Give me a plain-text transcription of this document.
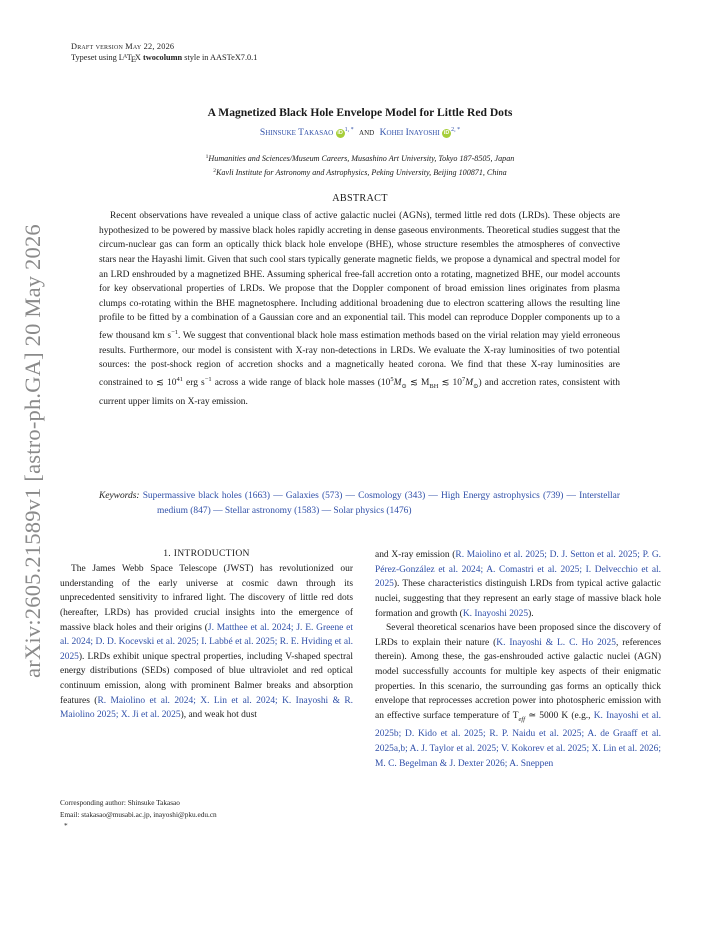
arXiv:2605.21589v1 [astro-ph.GA] 20 May 2026
Draft version May 22, 2026
Typeset using $L^ATEX$ twocolumn style in AASTeX7.0.1
A Magnetized Black Hole Envelope Model for Little Red Dots
Shinsuke Takasao iD $^{1, *}$ and Kohei Inayoshi iD $^{2, *}$
$^1$Humanities and Sciences/Museum Careers, Musashino Art University, Tokyo 187-8505, Japan
$^2$Kavli Institute for Astronomy and Astrophysics, Peking University, Beijing 100871, China
ABSTRACT
Recent observations have revealed a unique class of active galactic nuclei (AGNs), termed little red dots (LRDs). These objects are hypothesized to be powered by massive black holes rapidly accreting in dense gaseous environments. Theoretical studies suggest that the circum-nuclear gas can form an optically thick black hole envelope (BHE), whose structure resembles the atmospheres of convective stars near the Hayashi limit. Given that such cool stars typically generate magnetic fields, we propose a dynamical and spectral model for an LRD enshrouded by a magnetized BHE. Assuming spherical free-fall accretion onto a rotating, magnetized BHE, our model accounts for key observational properties of LRDs. We propose that the Doppler component of broad emission lines originates from plasma clumps co-rotating within the BHE magnetosphere. Including additional broadening due to electron scattering allows the resulting line profile to be fitted by a combination of a Gaussian core and an exponential tail. This model can reproduce Doppler components up to a few thousand km $s^{-1}$. We suggest that conventional black hole mass estimation methods based on the virial relation may yield erroneous results. Furthermore, our model is consistent with X-ray non-detections in LRDs. We evaluate the X-ray luminosities of two potential sources: the post-shock region of accretion shocks and a magnetically heated corona. We find that these X-ray luminosities are constrained to ≲ $10^{41}$ erg $s^{-1}$ across a wide range of black hole masses ($10^5M_⊙$ ≲ $M_{BH}$ ≲ $10^7M_⊙$) and accretion rates, consistent with current upper limits on X-ray emission.
Keywords: Supermassive black holes (1663) — Galaxies (573) — Cosmology (343) — High Energy astrophysics (739) — Interstellar medium (847) — Stellar astronomy (1583) — Solar physics (1476)
1. INTRODUCTION
The James Webb Space Telescope (JWST) has revolutionized our understanding of the early universe at cosmic dawn through its unprecedented sensitivity to infrared light. The discovery of little red dots (hereafter, LRDs) has provided crucial insights into the emergence of massive black holes and their origins (J. Matthee et al. 2024; J. E. Greene et al. 2024; D. D. Kocevski et al. 2025; I. Labbé et al. 2025; R. E. Hviding et al. 2025). LRDs exhibit unique spectral properties, including V-shaped spectral energy distributions (SEDs) composed of blue ultraviolet and red optical continuum emission, along with prominent Balmer breaks and absorption features (R. Maiolino et al. 2024; X. Lin et al. 2024; K. Inayoshi & R. Maiolino 2025; X. Ji et al. 2025), and weak hot dust
Corresponding author: Shinsuke Takasao
Email: stakasao@musabi.ac.jp, inayoshi@pku.edu.cn
*
and X-ray emission (R. Maiolino et al. 2025; D. J. Setton et al. 2025; P. G. Pérez-González et al. 2024; A. Comastri et al. 2025; I. Delvecchio et al. 2025). These characteristics distinguish LRDs from typical active galactic nuclei, suggesting that they represent an early stage of massive black hole formation and growth (K. Inayoshi 2025).
Several theoretical scenarios have been proposed since the discovery of LRDs to explain their nature (K. Inayoshi & L. C. Ho 2025, references therein). Among these, the gas-enshrouded active galactic nuclei (AGN) model successfully accounts for multiple key aspects of their enigmatic properties. In this scenario, the surrounding gas forms an optically thick envelope that reprocesses accretion power into photospheric emission with an effective surface temperature of $T_{eff}$ ≃ 5000 K (e.g., K. Inayoshi et al. 2025b; D. Kido et al. 2025; R. P. Naidu et al. 2025; A. de Graaff et al. 2025a,b; A. J. Taylor et al. 2025; V. Kokorev et al. 2025; X. Lin et al. 2026; M. C. Begelman & J. Dexter 2026; A. Sneppen
